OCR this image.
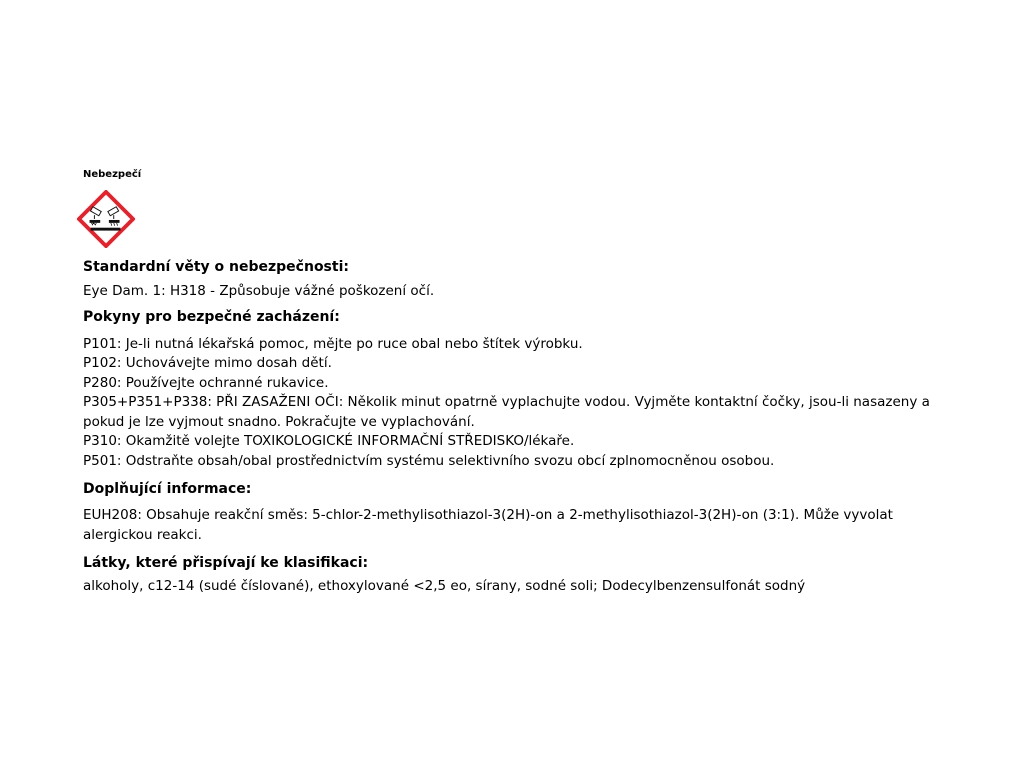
Nebezpečí

Standardní věty o nebezpečnosti:

Eye Dam. 1: H318 - Způsobuje vážné poškození očí.

Pokyny pro bezpečné zacházení:

P101: Je-li nutná lékařská pomoc, mějte po ruce obal nebo štítek výrobku.

P102: Uchovávejte mimo dosah dětí.

P280: Používejte ochranné rukavice.

P305+P351+P338: PŘI ZASAŽENI OČI: Několik minut opatrně vyplachujte vodou. Vyjměte kontaktní čočky, jsou-li nasazeny a pokud je lze vyjmout snadno. Pokračujte ve vyplachování.

P310: Okamžitě volejte TOXIKOLOGICKÉ INFORMAČNÍ STŘEDISKO/lékaře.

P501: Odstraňte obsah/obal prostřednictvím systému selektivního svozu obcí zplnomocněnou osobou.

Doplňující informace:

EUH208: Obsahuje reakční směs: 5-chlor-2-methylisothiazol-3(2H)-on a 2-methylisothiazol-3(2H)-on (3:1). Může vyvolat alergickou reakci.

Látky, které přispívají ke klasifikaci:

alkoholy, c12-14 (sudé číslované), ethoxylované <2,5 eo, sírany, sodné soli; Dodecylbenzensulfonát sodný
